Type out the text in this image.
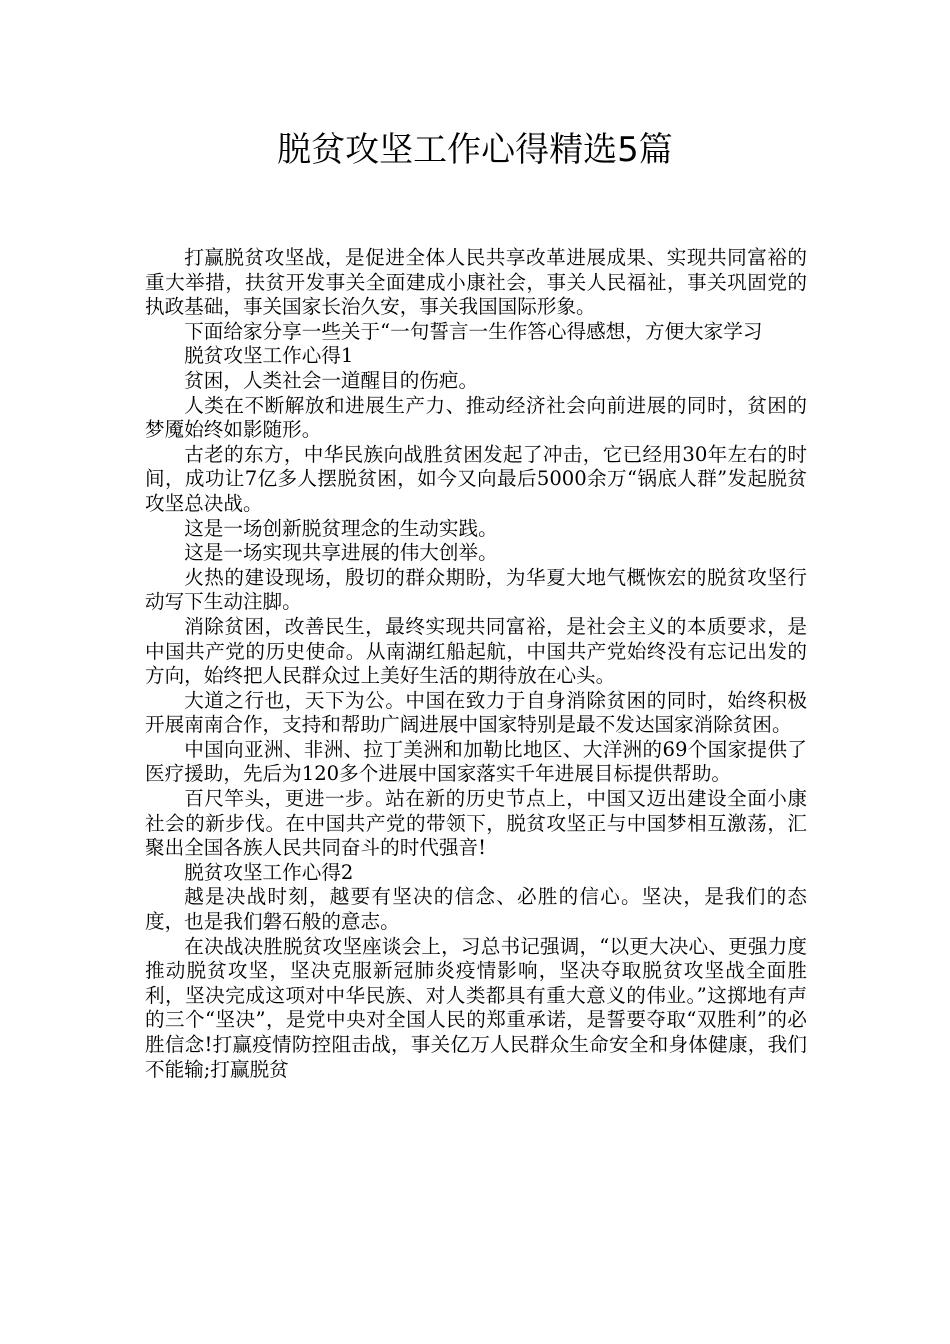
脱贫攻坚工作心得精选5篇

打赢脱贫攻坚战，是促进全体人民共享改革进展成果、实现共同富裕的重大举措，扶贫开发事关全面建成小康社会，事关人民福祉，事关巩固党的执政基础，事关国家长治久安，事关我国国际形象。

下面给家分享一些关于“一句誓言一生作答心得感想，方便大家学习

脱贫攻坚工作心得1

贫困，人类社会一道醒目的伤疤。

人类在不断解放和进展生产力、推动经济社会向前进展的同时，贫困的梦魇始终如影随形。

古老的东方，中华民族向战胜贫困发起了冲击，它已经用30年左右的时间，成功让7亿多人摆脱贫困，如今又向最后5000余万“锅底人群”发起脱贫攻坚总决战。

这是一场创新脱贫理念的生动实践。

这是一场实现共享进展的伟大创举。

火热的建设现场，殷切的群众期盼，为华夏大地气概恢宏的脱贫攻坚行动写下生动注脚。

消除贫困，改善民生，最终实现共同富裕，是社会主义的本质要求，是中国共产党的历史使命。从南湖红船起航，中国共产党始终没有忘记出发的方向，始终把人民群众过上美好生活的期待放在心头。

大道之行也，天下为公。中国在致力于自身消除贫困的同时，始终积极开展南南合作，支持和帮助广阔进展中国家特别是最不发达国家消除贫困。

中国向亚洲、非洲、拉丁美洲和加勒比地区、大洋洲的69个国家提供了医疗援助，先后为120多个进展中国家落实千年进展目标提供帮助。

百尺竿头，更进一步。站在新的历史节点上，中国又迈出建设全面小康社会的新步伐。在中国共产党的带领下，脱贫攻坚正与中国梦相互激荡，汇聚出全国各族人民共同奋斗的时代强音!

脱贫攻坚工作心得2

越是决战时刻，越要有坚决的信念、必胜的信心。坚决，是我们的态度，也是我们磐石般的意志。

在决战决胜脱贫攻坚座谈会上，习总书记强调，“以更大决心、更强力度推动脱贫攻坚，坚决克服新冠肺炎疫情影响，坚决夺取脱贫攻坚战全面胜利，坚决完成这项对中华民族、对人类都具有重大意义的伟业。”这掷地有声的三个“坚决”，是党中央对全国人民的郑重承诺，是誓要夺取“双胜利”的必胜信念!打赢疫情防控阻击战，事关亿万人民群众生命安全和身体健康，我们不能输;打赢脱贫
